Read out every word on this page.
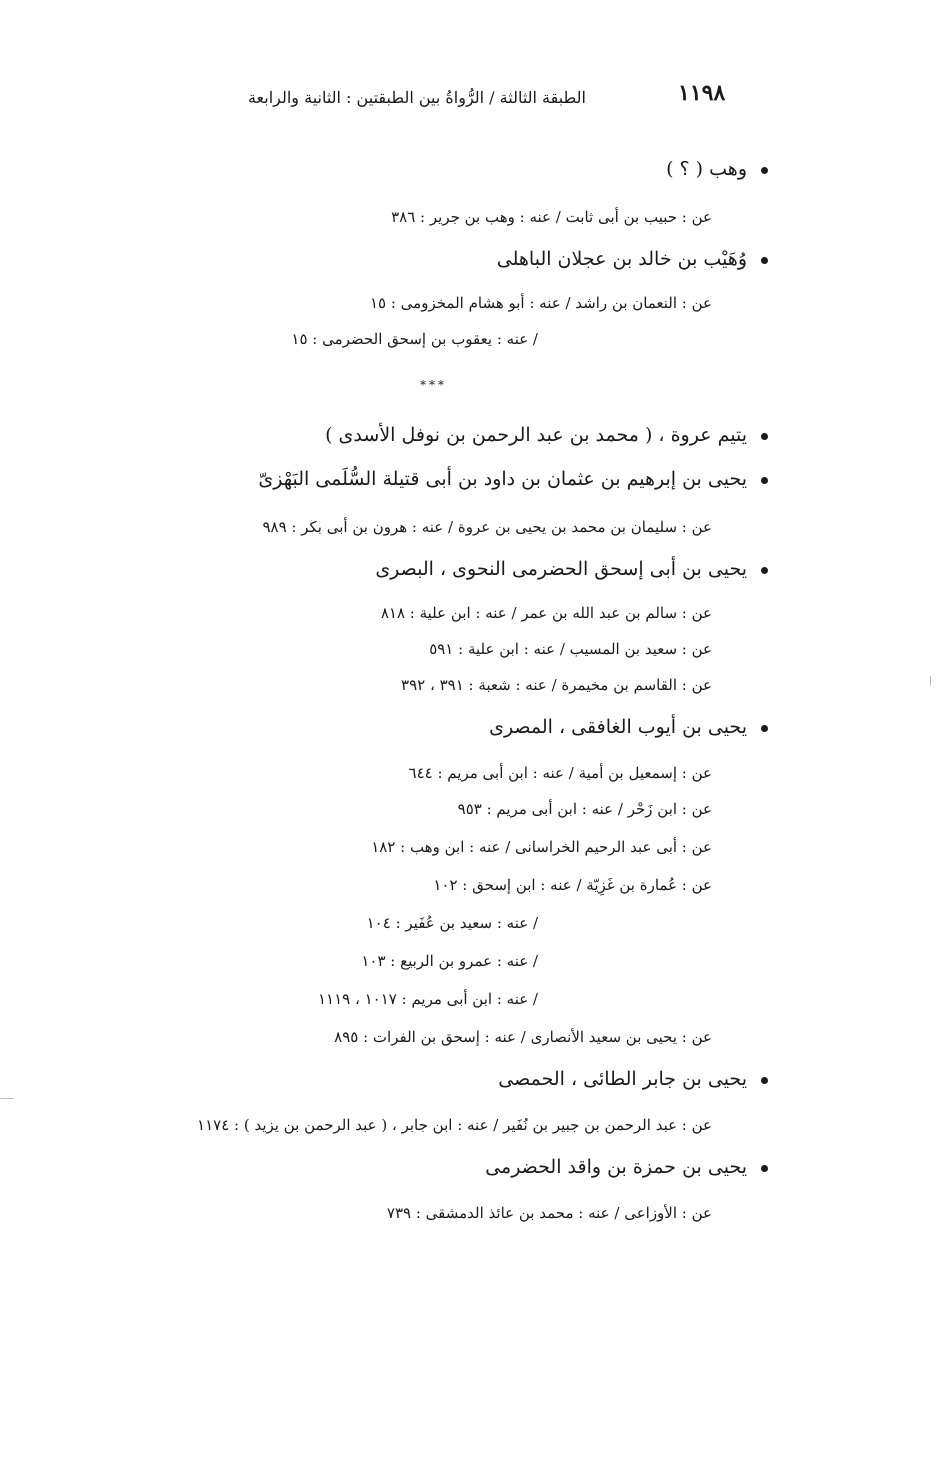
١١٩٨
الطبقة الثالثة / الرُّواةُ بين الطبقتين : الثانية والرابعة
وهب ( ؟ )
عن : حبيب بن أبى ثابت / عنه : وهب بن جرير : ٣٨٦
وُهَيْب بن خالد بن عجلان الباهلى
عن : النعمان بن راشد / عنه : أبو هشام المخزومى : ١٥
/ عنه : يعقوب بن إسحق الحضرمى : ١٥
***
يتيم عروة ، ( محمد بن عبد الرحمن بن نوفل الأسدى )
يحيى بن إبرهيم بن عثمان بن داود بن أبى قتيلة السُّلَمى البَهْزىّ
عن : سليمان بن محمد بن يحيى بن عروة / عنه : هرون بن أبى بكر : ٩٨٩
يحيى بن أبى إسحق الحضرمى النحوى ، البصرى
عن : سالم بن عبد الله بن عمر / عنه : ابن علية : ٨١٨
عن : سعيد بن المسيب / عنه : ابن علية : ٥٩١
عن : القاسم بن مخيمرة / عنه : شعبة : ٣٩١ ، ٣٩٢
يحيى بن أيوب الغافقى ، المصرى
عن : إسمعيل بن أمية / عنه : ابن أبى مريم : ٦٤٤
عن : ابن زَحْر / عنه : ابن أبى مريم : ٩٥٣
عن : أبى عبد الرحيم الخراسانى / عنه : ابن وهب : ١٨٢
عن : عُمارة بن غَزِيّة / عنه : ابن إسحق : ١٠٢
/ عنه : سعيد بن عُفَير : ١٠٤
/ عنه : عمرو بن الربيع : ١٠٣
/ عنه : ابن أبى مريم : ١٠١٧ ، ١١١٩
عن : يحيى بن سعيد الأنصارى / عنه : إسحق بن الفرات : ٨٩٥
يحيى بن جابر الطائى ، الحمصى
عن : عبد الرحمن بن جبير بن نُفَير / عنه : ابن جابر ، ( عبد الرحمن بن يزيد ) : ١١٧٤
يحيى بن حمزة بن واقد الحضرمى
عن : الأوزاعى / عنه : محمد بن عائذ الدمشقى : ٧٣٩
